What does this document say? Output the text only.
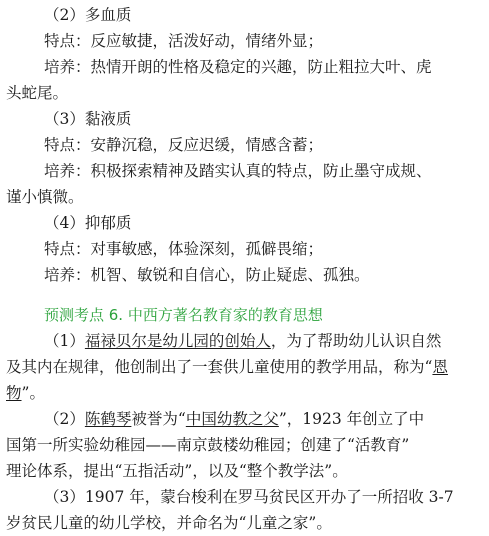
（2）多血质
特点：反应敏捷，活泼好动，情绪外显；
培养：热情开朗的性格及稳定的兴趣，防止粗拉大叶、虎
头蛇尾。
（3）黏液质
特点：安静沉稳，反应迟缓，情感含蓄；
培养：积极探索精神及踏实认真的特点，防止墨守成规、
谨小慎微。
（4）抑郁质
特点：对事敏感，体验深刻，孤僻畏缩；
培养：机智、敏锐和自信心，防止疑虑、孤独。
预测考点 6. 中西方著名教育家的教育思想
（1）福禄贝尔是幼儿园的创始人，为了帮助幼儿认识自然
及其内在规律，他创制出了一套供儿童使用的教学用品，称为“恩
物”。
（2）陈鹤琴被誉为“中国幼教之父”，1923 年创立了中
国第一所实验幼稚园——南京鼓楼幼稚园；创建了“活教育”
理论体系，提出“五指活动”，以及“整个教学法”。
（3）1907 年，蒙台梭利在罗马贫民区开办了一所招收 3-7
岁贫民儿童的幼儿学校，并命名为“儿童之家”。
